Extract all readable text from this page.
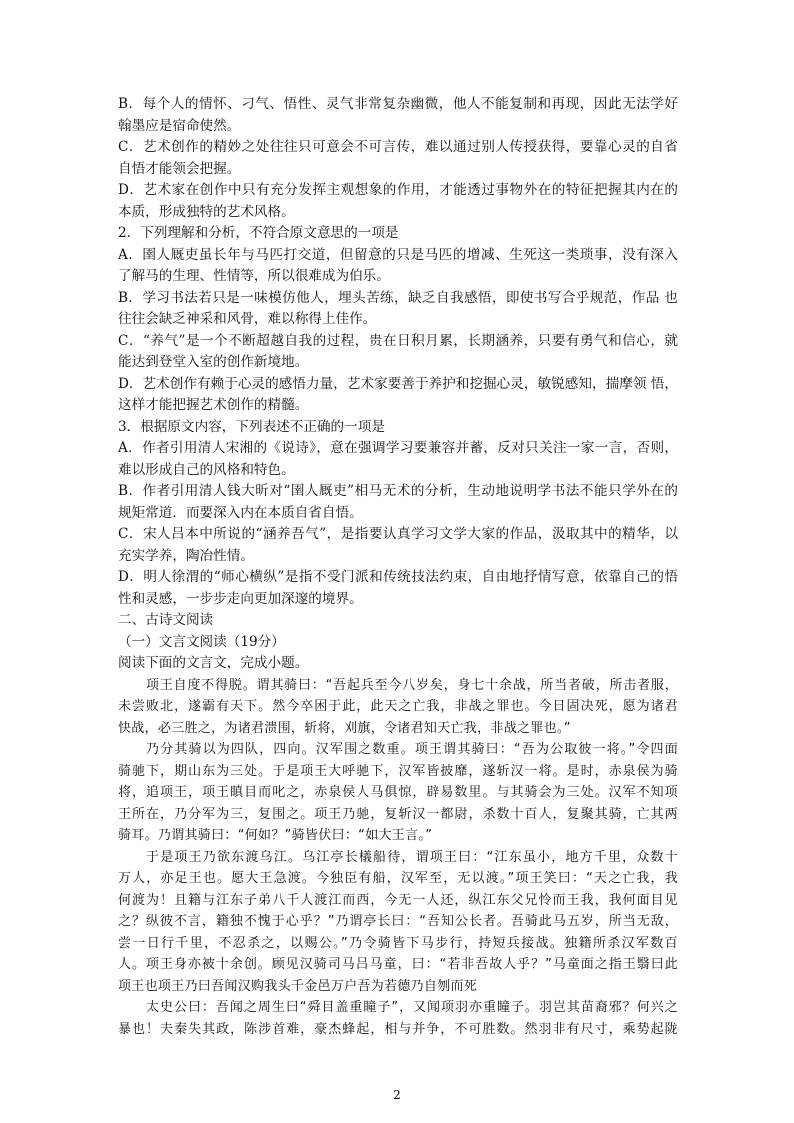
B．每个人的情怀、刁气、悟性、灵气非常复杂幽微，他人不能复制和再现，因此无法学好
翰墨应是宿命使然。
C．艺术创作的精妙之处往往只可意会不可言传，难以通过别人传授获得，要靠心灵的自省
自悟才能领会把握。
D．艺术家在创作中只有充分发挥主观想象的作用，才能透过事物外在的特征把握其内在的
本质，形成独特的艺术风格。
2．下列理解和分析，不符合原文意思的一项是
A．圉人厩吏虽长年与马匹打交道，但留意的只是马匹的增减、生死这一类琐事，没有深入
了解马的生理、性情等，所以很难成为伯乐。
B．学习书法若只是一味模仿他人，埋头苦练，缺乏自我感悟，即使书写合乎规范，作品 也
往往会缺乏神采和风骨，难以称得上佳作。
C．“养气”是一个不断超越自我的过程，贵在日积月累，长期涵养，只要有勇气和信心，就
能达到登堂入室的创作新境地。
D．艺术创作有赖于心灵的感悟力量，艺术家要善于养护和挖掘心灵，敏锐感知，揣摩领 悟，
这样才能把握艺术创作的精髓。
3．根据原文内容，下列表述不正确的一项是
A．作者引用清人宋湘的《说诗》，意在强调学习要兼容并蓄，反对只关注一家一言，否则，
难以形成自己的风格和特色。
B．作者引用清人钱大昕对“圉人厩吏”相马无术的分析，生动地说明学书法不能只学外在的
规矩常道．而要深入内在本质自省自悟。
C．宋人吕本中所说的“涵养吾气”，是指要认真学习文学大家的作品，汲取其中的精华，以
充实学养，陶冶性情。
D．明人徐渭的“师心横纵”是指不受门派和传统技法约束，自由地抒情写意，依靠自己的悟
性和灵感，一步步走向更加深邃的境界。
二、古诗文阅读
（一）文言文阅读（19分）
阅读下面的文言文，完成小题。
项王自度不得脱。谓其骑曰：“吾起兵至今八岁矣，身七十余战，所当者破，所击者服，
未尝败北，遂霸有天下。然今卒困于此，此天之亡我，非战之罪也。今日固决死，愿为诸君
快战，必三胜之，为诸君溃围，斩将，刈旗，令诸君知天亡我，非战之罪也。”
乃分其骑以为四队，四向。汉军围之数重。项王谓其骑曰：“吾为公取彼一将。”令四面
骑驰下，期山东为三处。于是项王大呼驰下，汉军皆披靡，遂斩汉一将。是时，赤泉侯为骑
将，追项王，项王瞋目而叱之，赤泉侯人马俱惊，辟易数里。与其骑会为三处。汉军不知项
王所在，乃分军为三，复围之。项王乃驰，复斩汉一都尉，杀数十百人，复聚其骑，亡其两
骑耳。乃谓其骑曰：“何如？”骑皆伏曰：“如大王言。”
于是项王乃欲东渡乌江。乌江亭长檥船待，谓项王曰：“江东虽小，地方千里，众数十
万人，亦足王也。愿大王急渡。今独臣有船，汉军至，无以渡。”项王笑曰：“天之亡我，我
何渡为！且籍与江东子弟八千人渡江而西，今无一人还，纵江东父兄怜而王我，我何面目见
之？纵彼不言，籍独不愧于心乎？”乃谓亭长曰：“吾知公长者。吾骑此马五岁，所当无敌，
尝一日行千里，不忍杀之，以赐公。”乃令骑皆下马步行，持短兵接战。独籍所杀汉军数百
人。项王身亦被十余创。顾见汉骑司马吕马童，曰：“若非吾故人乎？”马童面之指王翳曰此
项王也项王乃曰吾闻汉购我头千金邑万户吾为若德乃自刎而死
太史公曰：吾闻之周生曰“舜目盖重瞳子”，又闻项羽亦重瞳子。羽岂其苗裔邪？何兴之
暴也！夫秦失其政，陈涉首难，豪杰蜂起，相与并争，不可胜数。然羽非有尺寸，乘势起陇
2
